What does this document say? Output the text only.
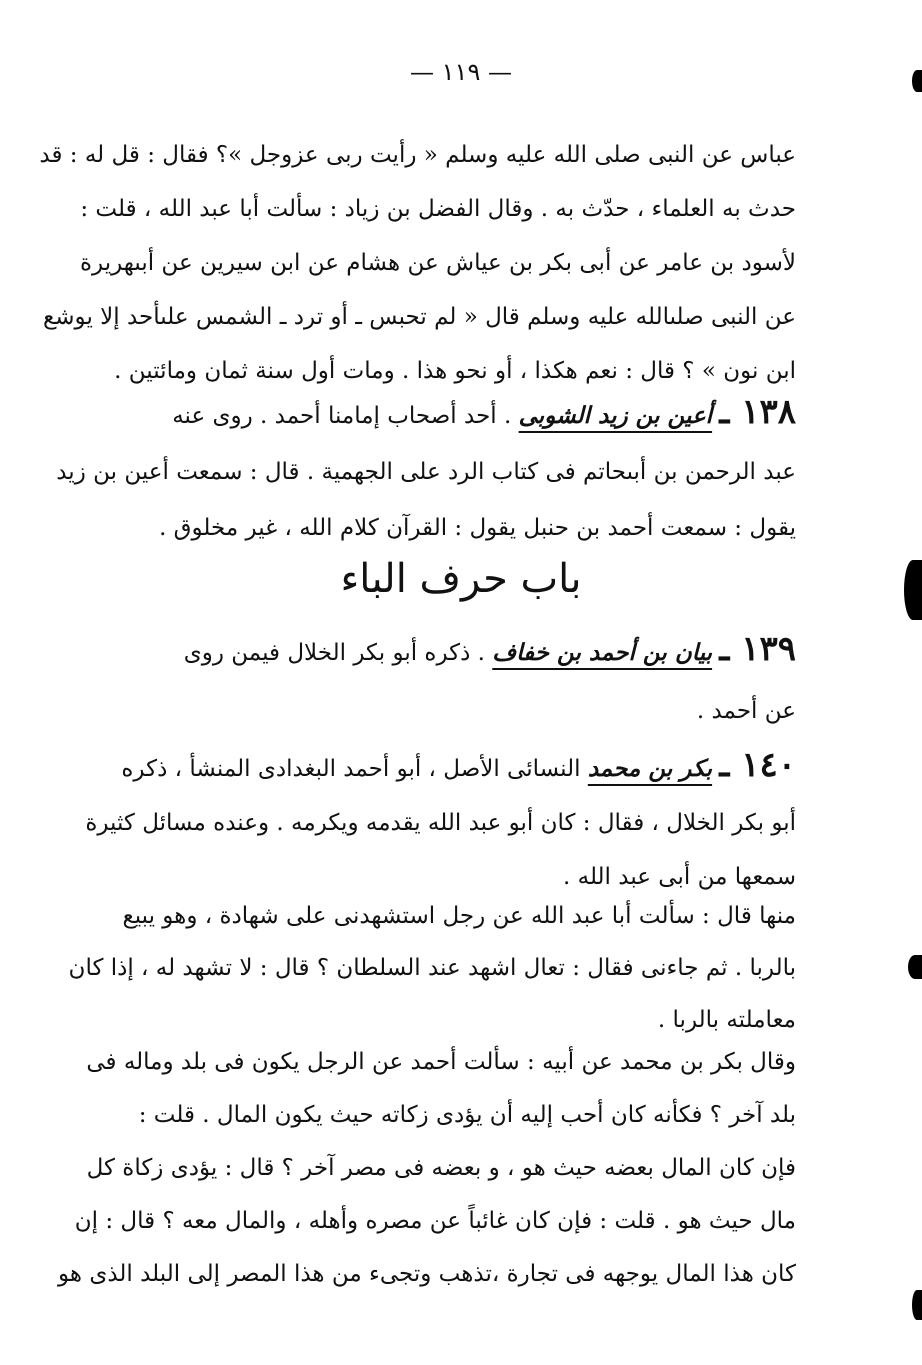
— ١١٩ —
عباس عن النبى صلى الله عليه وسلم « رأيت ربى عزوجل »؟ فقال : قل له : قد
حدث به العلماء ، حدّث به . وقال الفضل بن زياد : سألت أبا عبد الله ، قلت :
لأسود بن عامر عن أبى بكر بن عياش عن هشام عن ابن سيرين عن أبىهريرة
عن النبى صلىالله عليه وسلم قال « لم تحبس ـ أو ترد ـ الشمس علىأحد إلا يوشع
ابن نون » ؟ قال : نعم هكذا ، أو نحو هذا . ومات أول سنة ثمان ومائتين .
١٣٨ ـ أعين بن زيد الشوبى . أحد أصحاب إمامنا أحمد . روى عنه
عبد الرحمن بن أبىحاتم فى كتاب الرد على الجهمية . قال : سمعت أعين بن زيد
يقول : سمعت أحمد بن حنبل يقول : القرآن كلام الله ، غير مخلوق .
باب حرف الباء
١٣٩ ـ بيان بن أحمد بن خفاف . ذكره أبو بكر الخلال فيمن روى
عن أحمد .
١٤٠ ـ بكر بن محمد النسائى الأصل ، أبو أحمد البغدادى المنشأ ، ذكره
أبو بكر الخلال ، فقال : كان أبو عبد الله يقدمه ويكرمه . وعنده مسائل كثيرة
سمعها من أبى عبد الله .
منها قال : سألت أبا عبد الله عن رجل استشهدنى على شهادة ، وهو يبيع
بالربا . ثم جاءنى فقال : تعال اشهد عند السلطان ؟ قال : لا تشهد له ، إذا كان
معاملته بالربا .
وقال بكر بن محمد عن أبيه : سألت أحمد عن الرجل يكون فى بلد وماله فى
بلد آخر ؟ فكأنه كان أحب إليه أن يؤدى زكاته حيث يكون المال . قلت :
فإن كان المال بعضه حيث هو ، و بعضه فى مصر آخر ؟ قال : يؤدى زكاة كل
مال حيث هو . قلت : فإن كان غائباً عن مصره وأهله ، والمال معه ؟ قال : إن
كان هذا المال يوجهه فى تجارة ،تذهب وتجىء من هذا المصر إلى البلد الذى هو
